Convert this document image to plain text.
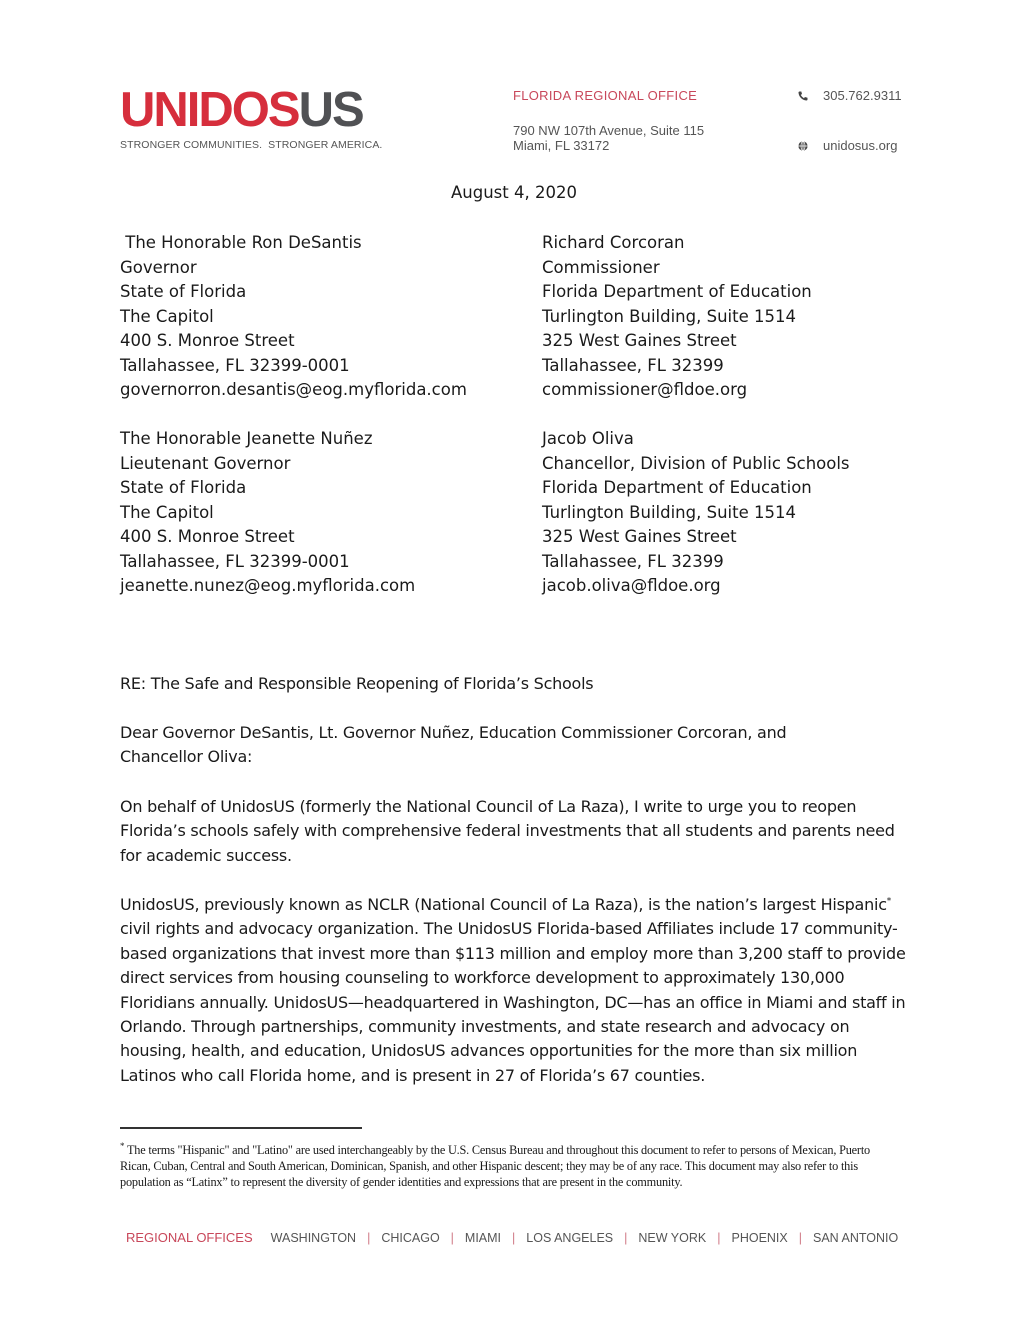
UNIDOSUS
STRONGER COMMUNITIES.  STRONGER AMERICA.
FLORIDA REGIONAL OFFICE
790 NW 107th Avenue, Suite 115
Miami, FL 33172
305.762.9311
unidosus.org
August 4, 2020
The Honorable Ron DeSantis
Governor
State of Florida
The Capitol
400 S. Monroe Street
Tallahassee, FL 32399-0001
governorron.desantis@eog.myflorida.com
Richard Corcoran
Commissioner
Florida Department of Education
Turlington Building, Suite 1514
325 West Gaines Street
Tallahassee, FL 32399
commissioner@fldoe.org
The Honorable Jeanette Nuñez
Lieutenant Governor
State of Florida
The Capitol
400 S. Monroe Street
Tallahassee, FL 32399-0001
jeanette.nunez@eog.myflorida.com
Jacob Oliva
Chancellor, Division of Public Schools
Florida Department of Education
Turlington Building, Suite 1514
325 West Gaines Street
Tallahassee, FL 32399
jacob.oliva@fldoe.org
RE: The Safe and Responsible Reopening of Florida’s Schools
Dear Governor DeSantis, Lt. Governor Nuñez, Education Commissioner Corcoran, and Chancellor Oliva:
On behalf of UnidosUS (formerly the National Council of La Raza), I write to urge you to reopen Florida’s schools safely with comprehensive federal investments that all students and parents need for academic success.

UnidosUS, previously known as NCLR (National Council of La Raza), is the nation’s largest Hispanic* civil rights and advocacy organization. The UnidosUS Florida-based Affiliates include 17 community-based organizations that invest more than $113 million and employ more than 3,200 staff to provide direct services from housing counseling to workforce development to approximately 130,000 Floridians annually. UnidosUS—headquartered in Washington, DC—has an office in Miami and staff in Orlando. Through partnerships, community investments, and state research and advocacy on housing, health, and education, UnidosUS advances opportunities for the more than six million Latinos who call Florida home, and is present in 27 of Florida’s 67 counties.

* The terms "Hispanic" and "Latino" are used interchangeably by the U.S. Census Bureau and throughout this document to refer to persons of Mexican, Puerto Rican, Cuban, Central and South American, Dominican, Spanish, and other Hispanic descent; they may be of any race. This document may also refer to this population as “Latinx” to represent the diversity of gender identities and expressions that are present in the community.
REGIONAL OFFICES WASHINGTON | CHICAGO | MIAMI | LOS ANGELES | NEW YORK | PHOENIX | SAN ANTONIO
